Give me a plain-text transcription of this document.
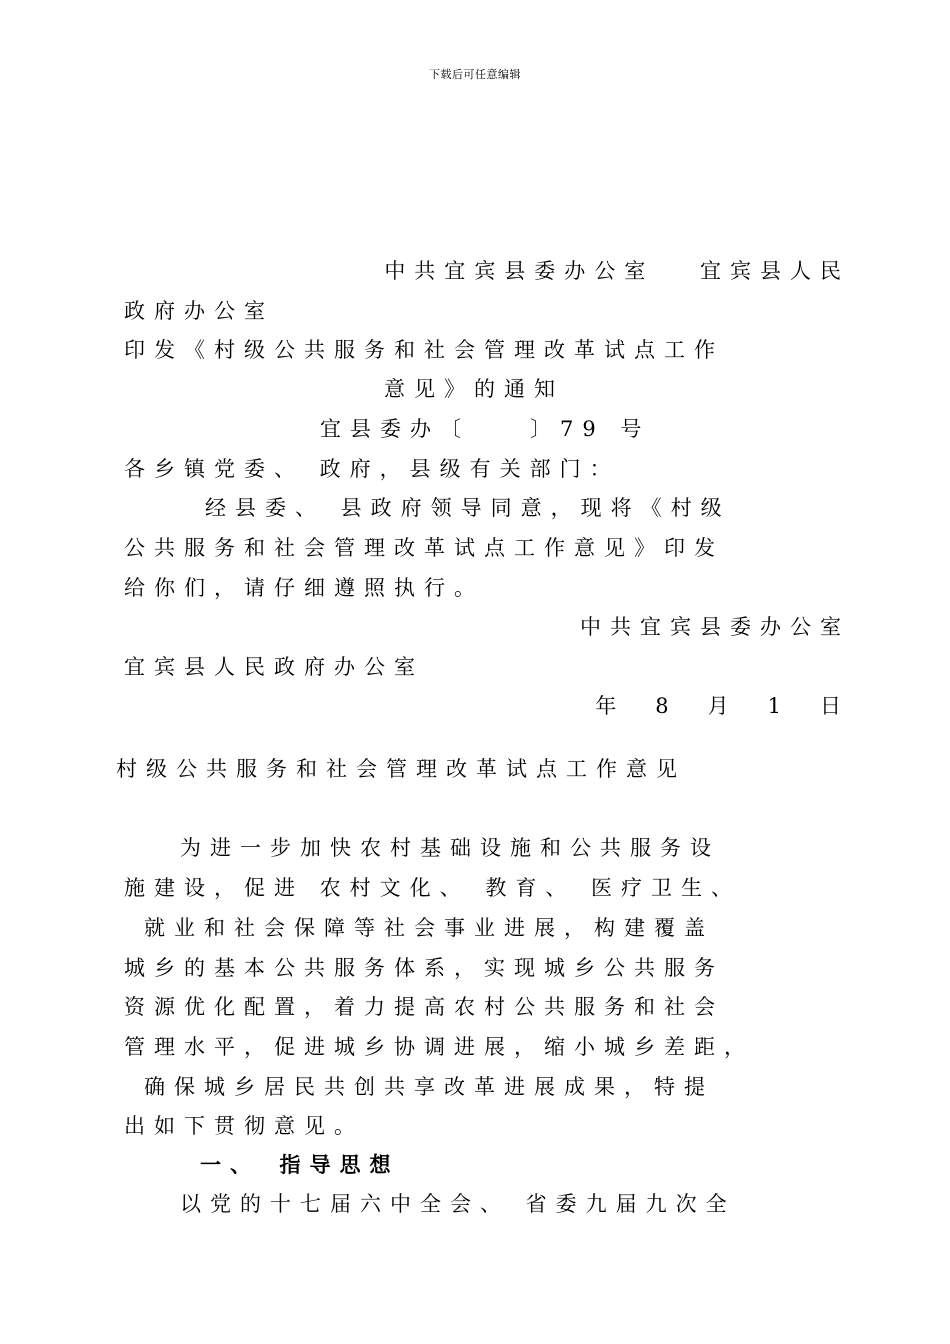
下载后可任意编辑
中共宜宾县委办公室　 宜宾县人民
政府办公室
印发《村级公共服务和社会管理改革试点工作
意见》的通知
宜县委办〔　　〕79 号
各乡镇党委、 政府，县级有关部门：
经县委、 县政府领导同意，现将《村级
公共服务和社会管理改革试点工作意见》印发
给你们，请仔细遵照执行。
中共宜宾县委办公室
宜宾县人民政府办公室
年　8　月　1　日
村级公共服务和社会管理改革试点工作意见
为进一步加快农村基础设施和公共服务设
施建设，促进 农村文化、 教育、 医疗卫生、
就业和社会保障等社会事业进展，构建覆盖
城乡的基本公共服务体系，实现城乡公共服务
资源优化配置，着力提高农村公共服务和社会
管理水平，促进城乡协调进展，缩小城乡差距，
确保城乡居民共创共享改革进展成果，特提
出如下贯彻意见。
一、　指导思想
以党的十七届六中全会、 省委九届九次全
